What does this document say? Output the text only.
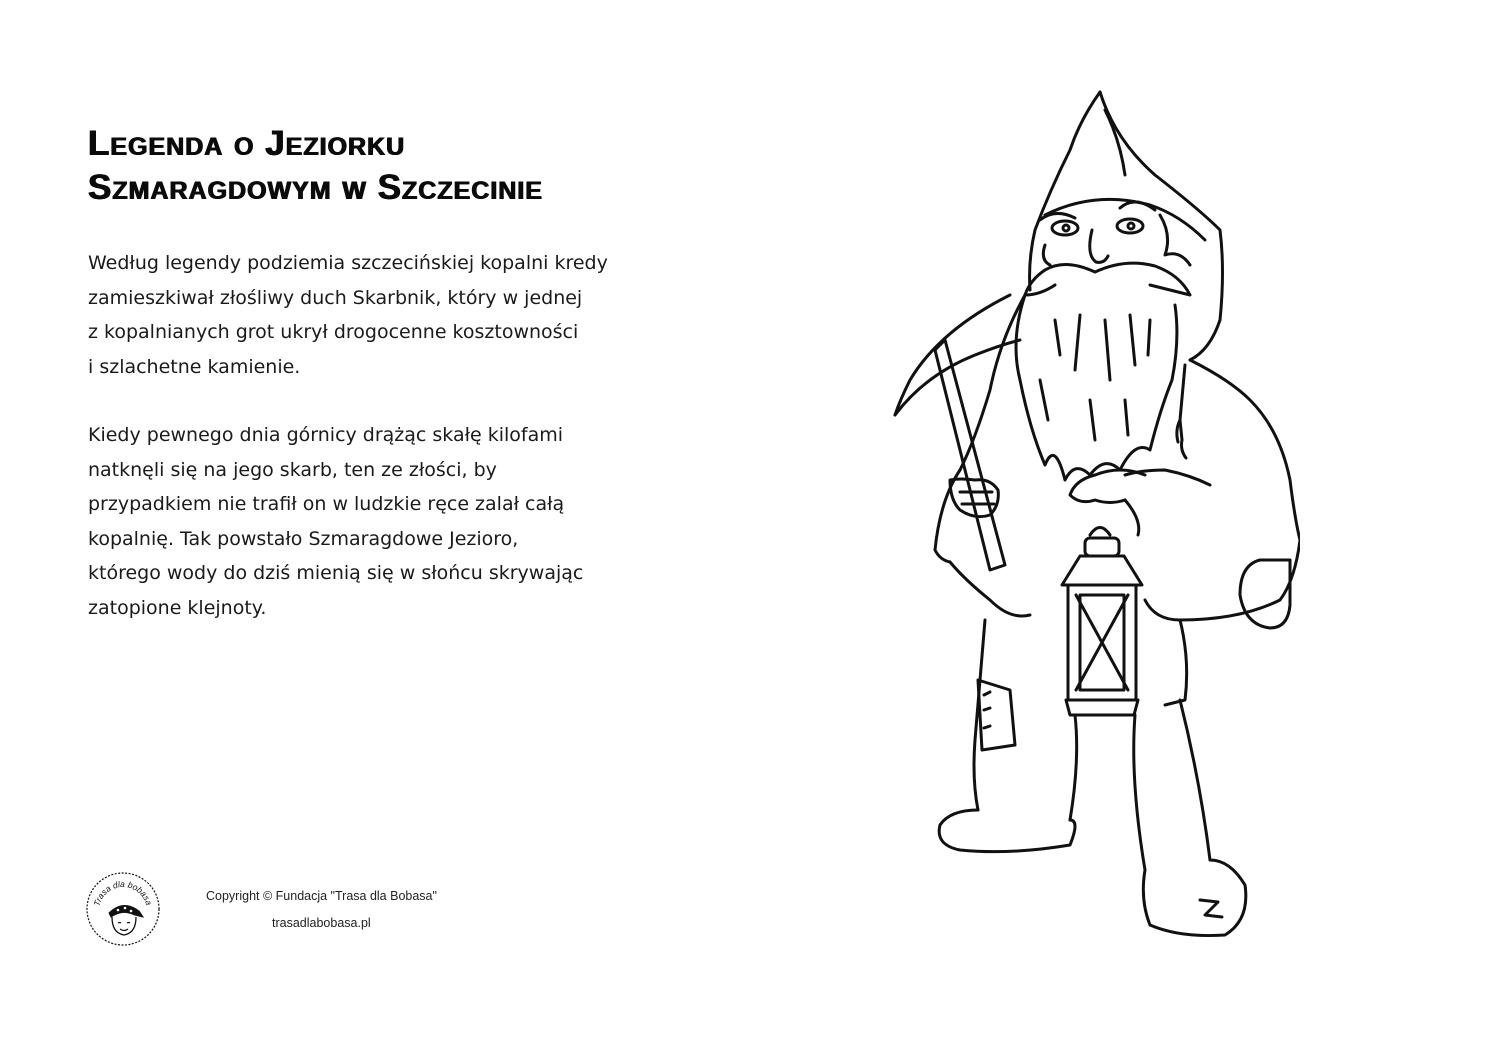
Legenda o Jeziorku
Szmaragdowym w Szczecinie
Według legendy podziemia szczecińskiej kopalni kredy
zamieszkiwał złośliwy duch Skarbnik, który w jednej
z kopalnianych grot ukrył drogocenne kosztowności
i szlachetne kamienie.
Kiedy pewnego dnia górnicy drążąc skałę kilofami
natknęli się na jego skarb, ten ze złości, by
przypadkiem nie trafił on w ludzkie ręce zalał całą
kopalnię. Tak powstało Szmaragdowe Jezioro,
którego wody do dziś mienią się w słońcu skrywając
zatopione klejnoty.
Trasa dla bobasa	Copyright © Fundacja "Trasa dla Bobasa"
trasadlabobasa.pl
